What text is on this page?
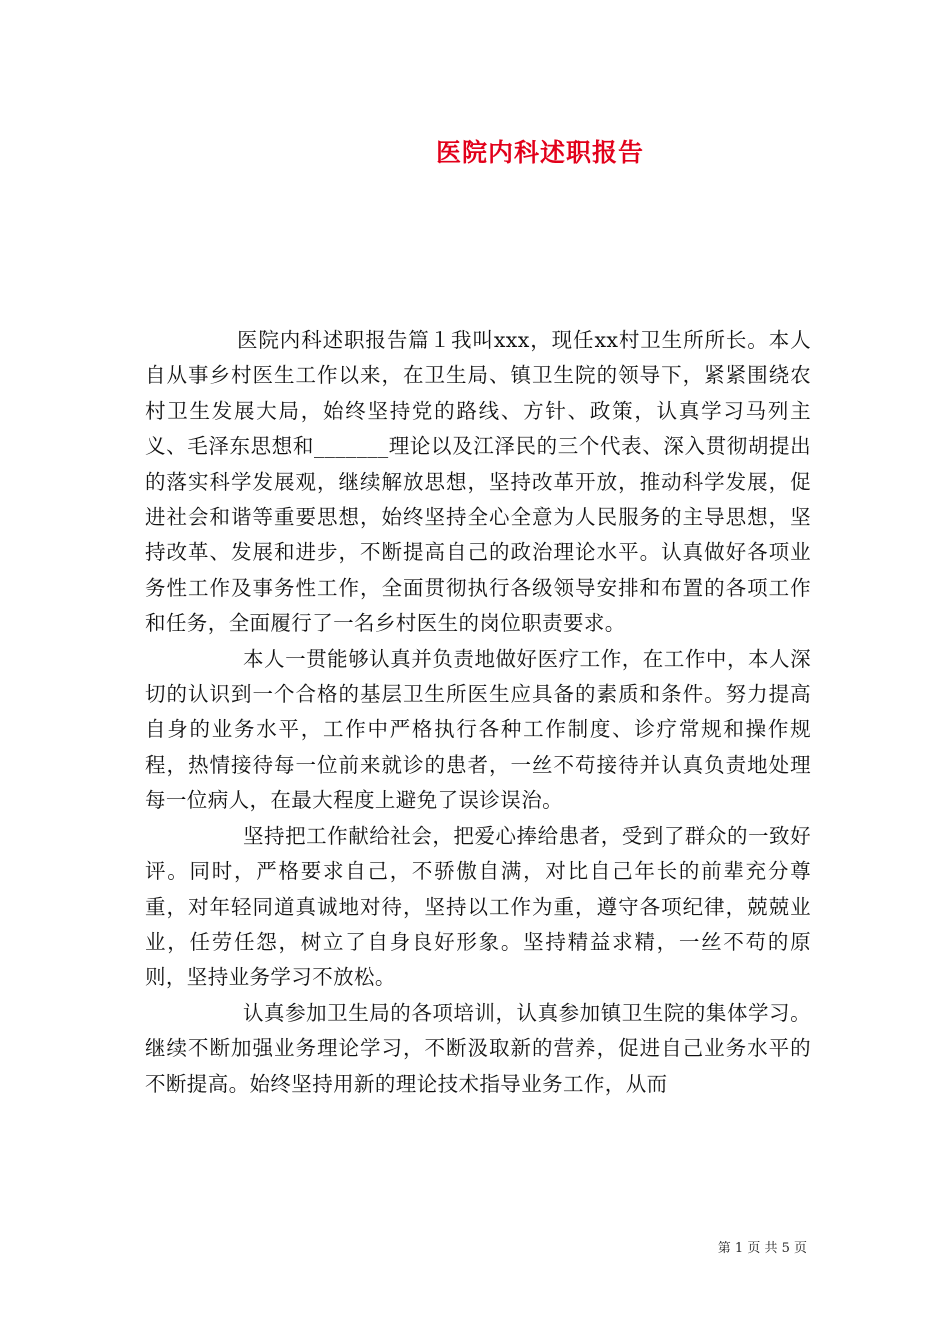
医院内科述职报告

医院内科述职报告篇１我叫xxx，现任xx村卫生所所长。本人自从事乡村医生工作以来，在卫生局、镇卫生院的领导下，紧紧围绕农村卫生发展大局，始终坚持党的路线、方针、政策，认真学习马列主义、毛泽东思想和_______理论以及江泽民的三个代表、深入贯彻胡提出的落实科学发展观，继续解放思想，坚持改革开放，推动科学发展，促进社会和谐等重要思想，始终坚持全心全意为人民服务的主导思想，坚持改革、发展和进步，不断提高自己的政治理论水平。认真做好各项业务性工作及事务性工作，全面贯彻执行各级领导安排和布置的各项工作和任务，全面履行了一名乡村医生的岗位职责要求。

本人一贯能够认真并负责地做好医疗工作，在工作中，本人深切的认识到一个合格的基层卫生所医生应具备的素质和条件。努力提高自身的业务水平，工作中严格执行各种工作制度、诊疗常规和操作规程，热情接待每一位前来就诊的患者，一丝不苟接待并认真负责地处理每一位病人，在最大程度上避免了误诊误治。

坚持把工作献给社会，把爱心捧给患者，受到了群众的一致好评。同时，严格要求自己，不骄傲自满，对比自己年长的前辈充分尊重，对年轻同道真诚地对待，坚持以工作为重，遵守各项纪律，兢兢业业，任劳任怨，树立了自身良好形象。坚持精益求精，一丝不苟的原则，坚持业务学习不放松。

认真参加卫生局的各项培训，认真参加镇卫生院的集体学习。继续不断加强业务理论学习，不断汲取新的营养，促进自己业务水平的不断提高。始终坚持用新的理论技术指导业务工作，从而

第 1 页 共 5 页
